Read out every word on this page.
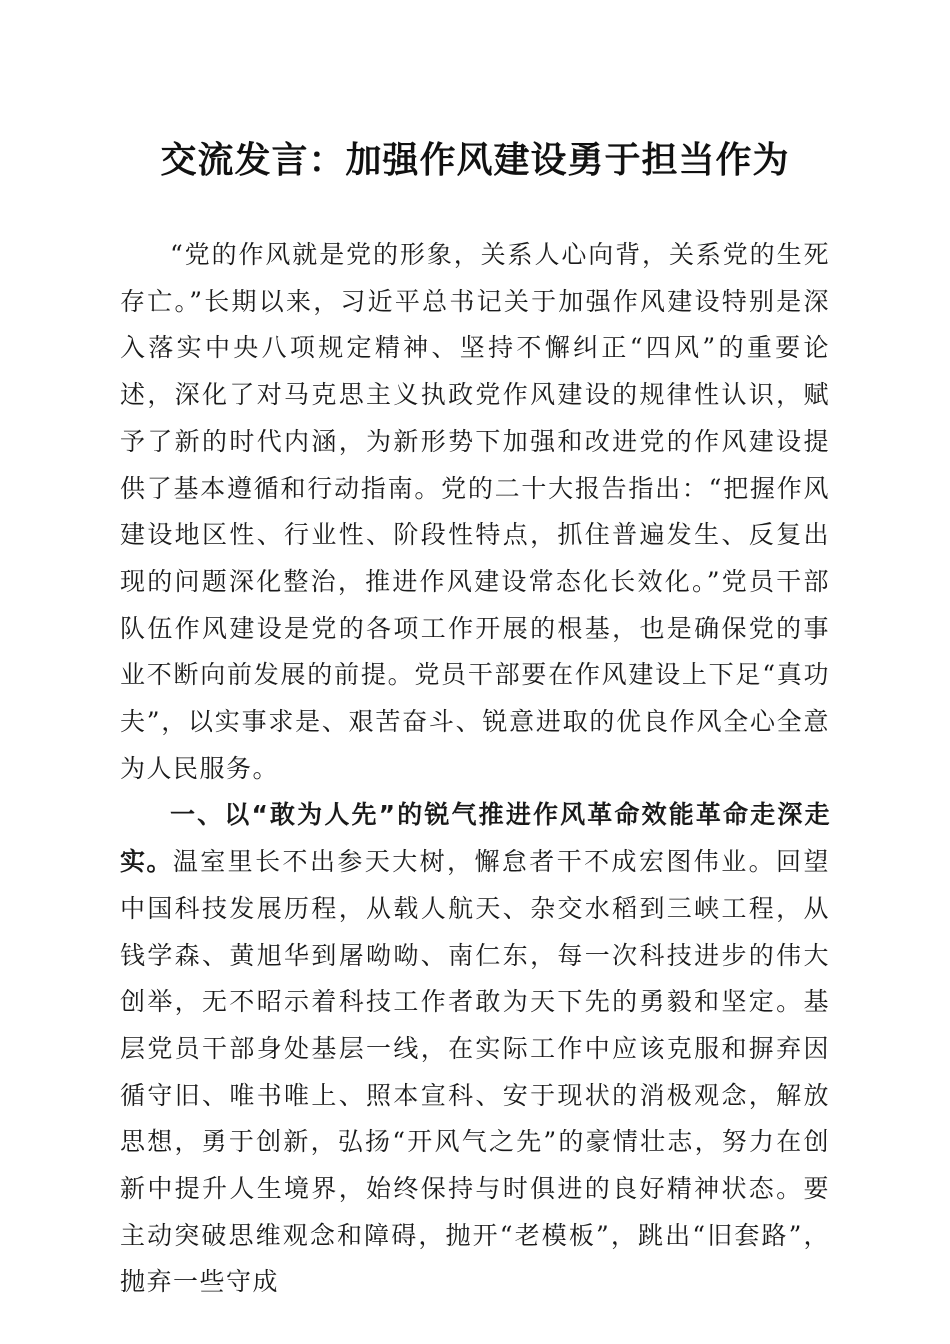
交流发言：加强作风建设勇于担当作为

“党的作风就是党的形象，关系人心向背，关系党的生死存亡。”长期以来，习近平总书记关于加强作风建设特别是深入落实中央八项规定精神、坚持不懈纠正“四风”的重要论述，深化了对马克思主义执政党作风建设的规律性认识，赋予了新的时代内涵，为新形势下加强和改进党的作风建设提供了基本遵循和行动指南。党的二十大报告指出：“把握作风建设地区性、行业性、阶段性特点，抓住普遍发生、反复出现的问题深化整治，推进作风建设常态化长效化。”党员干部队伍作风建设是党的各项工作开展的根基，也是确保党的事业不断向前发展的前提。党员干部要在作风建设上下足“真功夫”，以实事求是、艰苦奋斗、锐意进取的优良作风全心全意为人民服务。

一、以“敢为人先”的锐气推进作风革命效能革命走深走实。温室里长不出参天大树，懈怠者干不成宏图伟业。回望中国科技发展历程，从载人航天、杂交水稻到三峡工程，从钱学森、黄旭华到屠呦呦、南仁东，每一次科技进步的伟大创举，无不昭示着科技工作者敢为天下先的勇毅和坚定。基层党员干部身处基层一线，在实际工作中应该克服和摒弃因循守旧、唯书唯上、照本宣科、安于现状的消极观念，解放思想，勇于创新，弘扬“开风气之先”的豪情壮志，努力在创新中提升人生境界，始终保持与时俱进的良好精神状态。要主动突破思维观念和障碍，抛开“老模板”，跳出“旧套路”，抛弃一些守成
